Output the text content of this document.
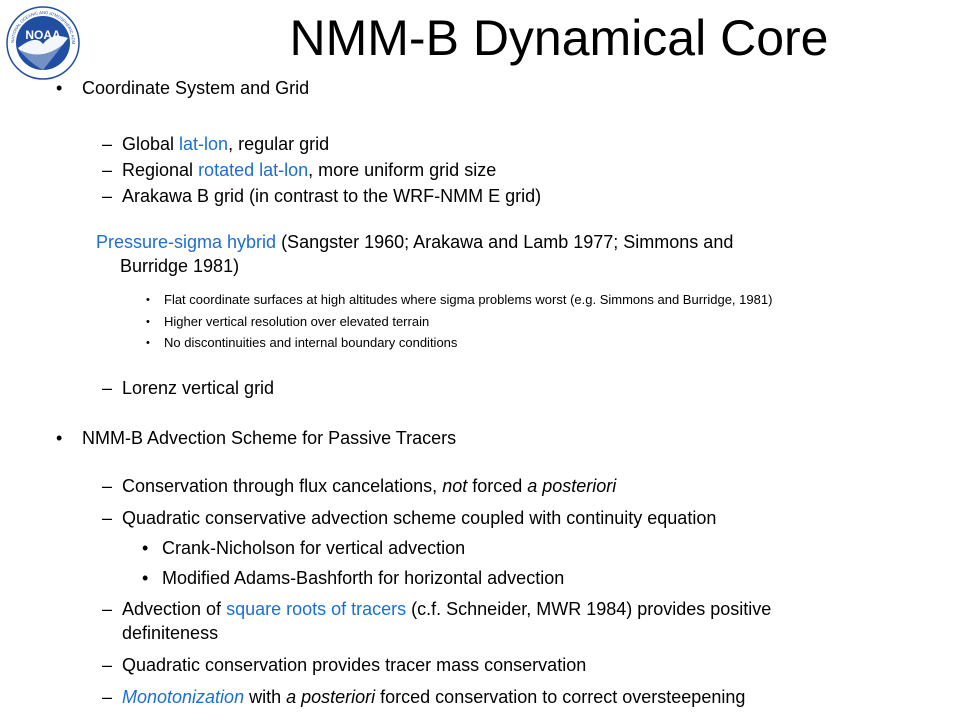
NOAA
NATIONAL OCEANIC AND ATMOSPHERIC ADM	NMM-B Dynamical Core
• Coordinate System and Grid
– Global lat-lon, regular grid
– Regional rotated lat-lon, more uniform grid size
– Arakawa B grid (in contrast to the WRF-NMM E grid)
Pressure-sigma hybrid (Sangster 1960; Arakawa and Lamb 1977; Simmons and
Burridge 1981)
• Flat coordinate surfaces at high altitudes where sigma problems worst (e.g. Simmons and Burridge, 1981)
• Higher vertical resolution over elevated terrain
• No discontinuities and internal boundary conditions
– Lorenz vertical grid
• NMM-B Advection Scheme for Passive Tracers
– Conservation through flux cancelations, not forced a posteriori
– Quadratic conservative advection scheme coupled with continuity equation
• Crank-Nicholson for vertical advection
• Modified Adams-Bashforth for horizontal advection
– Advection of square roots of tracers (c.f. Schneider, MWR 1984) provides positive
definiteness
– Quadratic conservation provides tracer mass conservation
– Monotonization with a posteriori forced conservation to correct oversteepening
